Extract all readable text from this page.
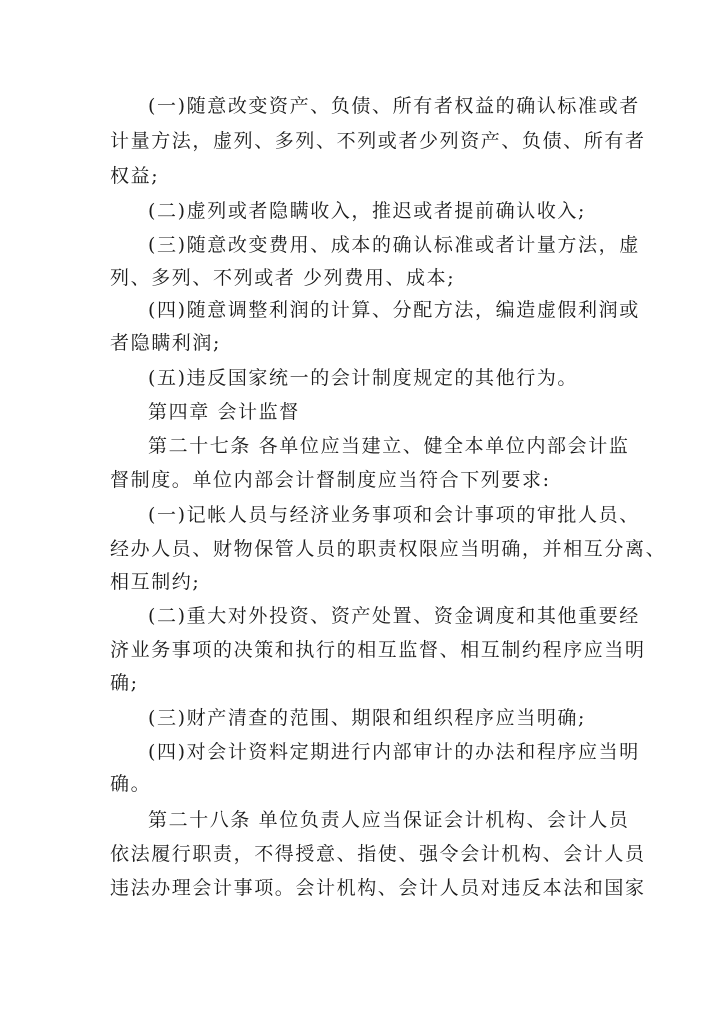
(一)随意改变资产、负债、所有者权益的确认标准或者
计量方法，虚列、多列、不列或者少列资产、负债、所有者
权益;
(二)虚列或者隐瞒收入，推迟或者提前确认收入;
(三)随意改变费用、成本的确认标准或者计量方法，虚
列、多列、不列或者 少列费用、成本;
(四)随意调整利润的计算、分配方法，编造虚假利润或
者隐瞒利润;
(五)违反国家统一的会计制度规定的其他行为。
第四章 会计监督
第二十七条 各单位应当建立、健全本单位内部会计监
督制度。单位内部会计督制度应当符合下列要求:
(一)记帐人员与经济业务事项和会计事项的审批人员、
经办人员、财物保管人员的职责权限应当明确，并相互分离、
相互制约;
(二)重大对外投资、资产处置、资金调度和其他重要经
济业务事项的决策和执行的相互监督、相互制约程序应当明
确;
(三)财产清查的范围、期限和组织程序应当明确;
(四)对会计资料定期进行内部审计的办法和程序应当明
确。
第二十八条 单位负责人应当保证会计机构、会计人员
依法履行职责，不得授意、指使、强令会计机构、会计人员
违法办理会计事项。会计机构、会计人员对违反本法和国家
